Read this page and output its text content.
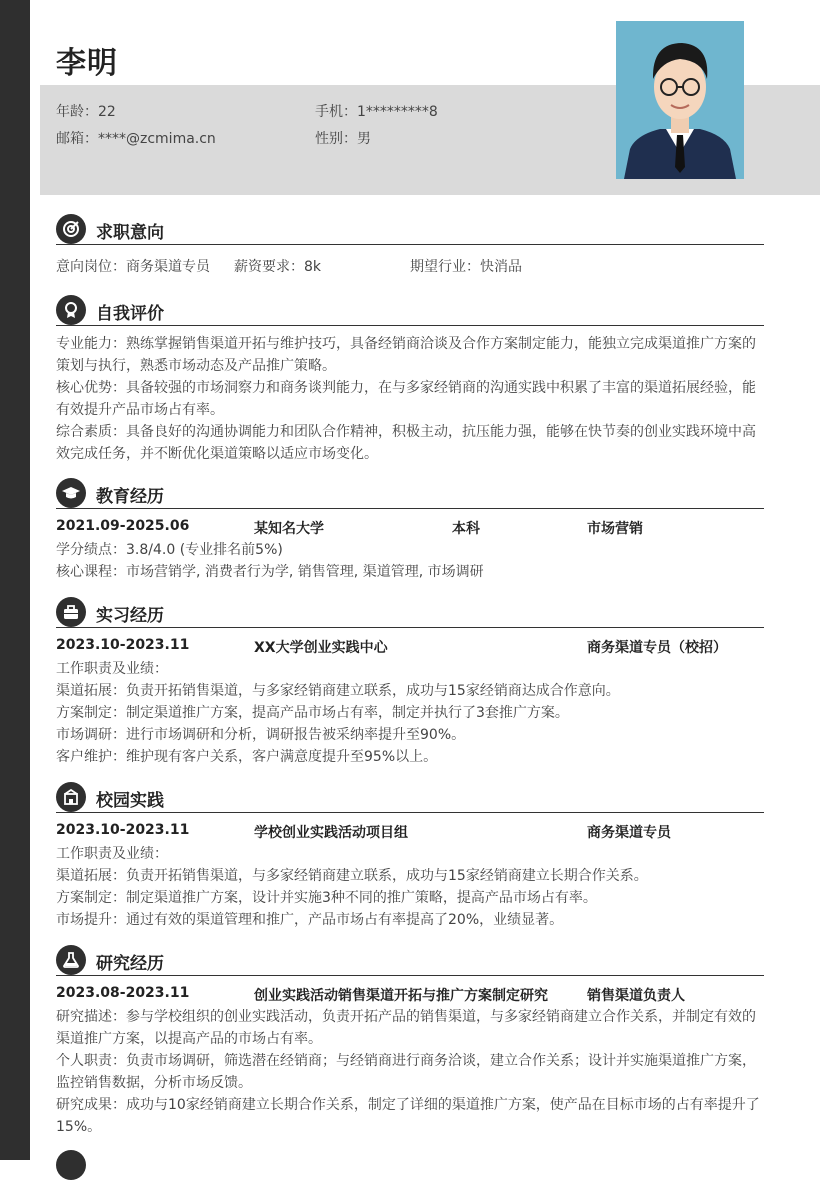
李明
年龄：22	手机：1*********8
邮箱：****@zcmima.cn	性别：男
求职意向
意向岗位：商务渠道专员 薪资要求：8k	期望行业：快消品
自我评价

专业能力：熟练掌握销售渠道开拓与维护技巧，具备经销商洽谈及合作方案制定能力，能独立完成渠道推广方案的策划与执行，熟悉市场动态及产品推广策略。

核心优势：具备较强的市场洞察力和商务谈判能力，在与多家经销商的沟通实践中积累了丰富的渠道拓展经验，能有效提升产品市场占有率。

综合素质：具备良好的沟通协调能力和团队合作精神，积极主动，抗压能力强，能够在快节奏的创业实践环境中高效完成任务，并不断优化渠道策略以适应市场变化。

教育经历
2021.09-2025.06	某知名大学	本科	市场营销

学分绩点：3.8/4.0 (专业排名前5%)

核心课程：市场营销学, 消费者行为学, 销售管理, 渠道管理, 市场调研

实习经历
2023.10-2023.11	XX大学创业实践中心	商务渠道专员（校招）

工作职责及业绩：

渠道拓展：负责开拓销售渠道，与多家经销商建立联系，成功与15家经销商达成合作意向。

方案制定：制定渠道推广方案，提高产品市场占有率，制定并执行了3套推广方案。

市场调研：进行市场调研和分析，调研报告被采纳率提升至90%。

客户维护：维护现有客户关系，客户满意度提升至95%以上。

校园实践
2023.10-2023.11	学校创业实践活动项目组	商务渠道专员

工作职责及业绩：

渠道拓展：负责开拓销售渠道，与多家经销商建立联系，成功与15家经销商建立长期合作关系。

方案制定：制定渠道推广方案，设计并实施3种不同的推广策略，提高产品市场占有率。

市场提升：通过有效的渠道管理和推广，产品市场占有率提高了20%，业绩显著。

研究经历
2023.08-2023.11	创业实践活动销售渠道开拓与推广方案制定研究	销售渠道负责人

研究描述：参与学校组织的创业实践活动，负责开拓产品的销售渠道，与多家经销商建立合作关系，并制定有效的渠道推广方案，以提高产品的市场占有率。

个人职责：负责市场调研，筛选潜在经销商；与经销商进行商务洽谈，建立合作关系；设计并实施渠道推广方案，监控销售数据，分析市场反馈。

研究成果：成功与10家经销商建立长期合作关系，制定了详细的渠道推广方案，使产品在目标市场的占有率提升了15%。
